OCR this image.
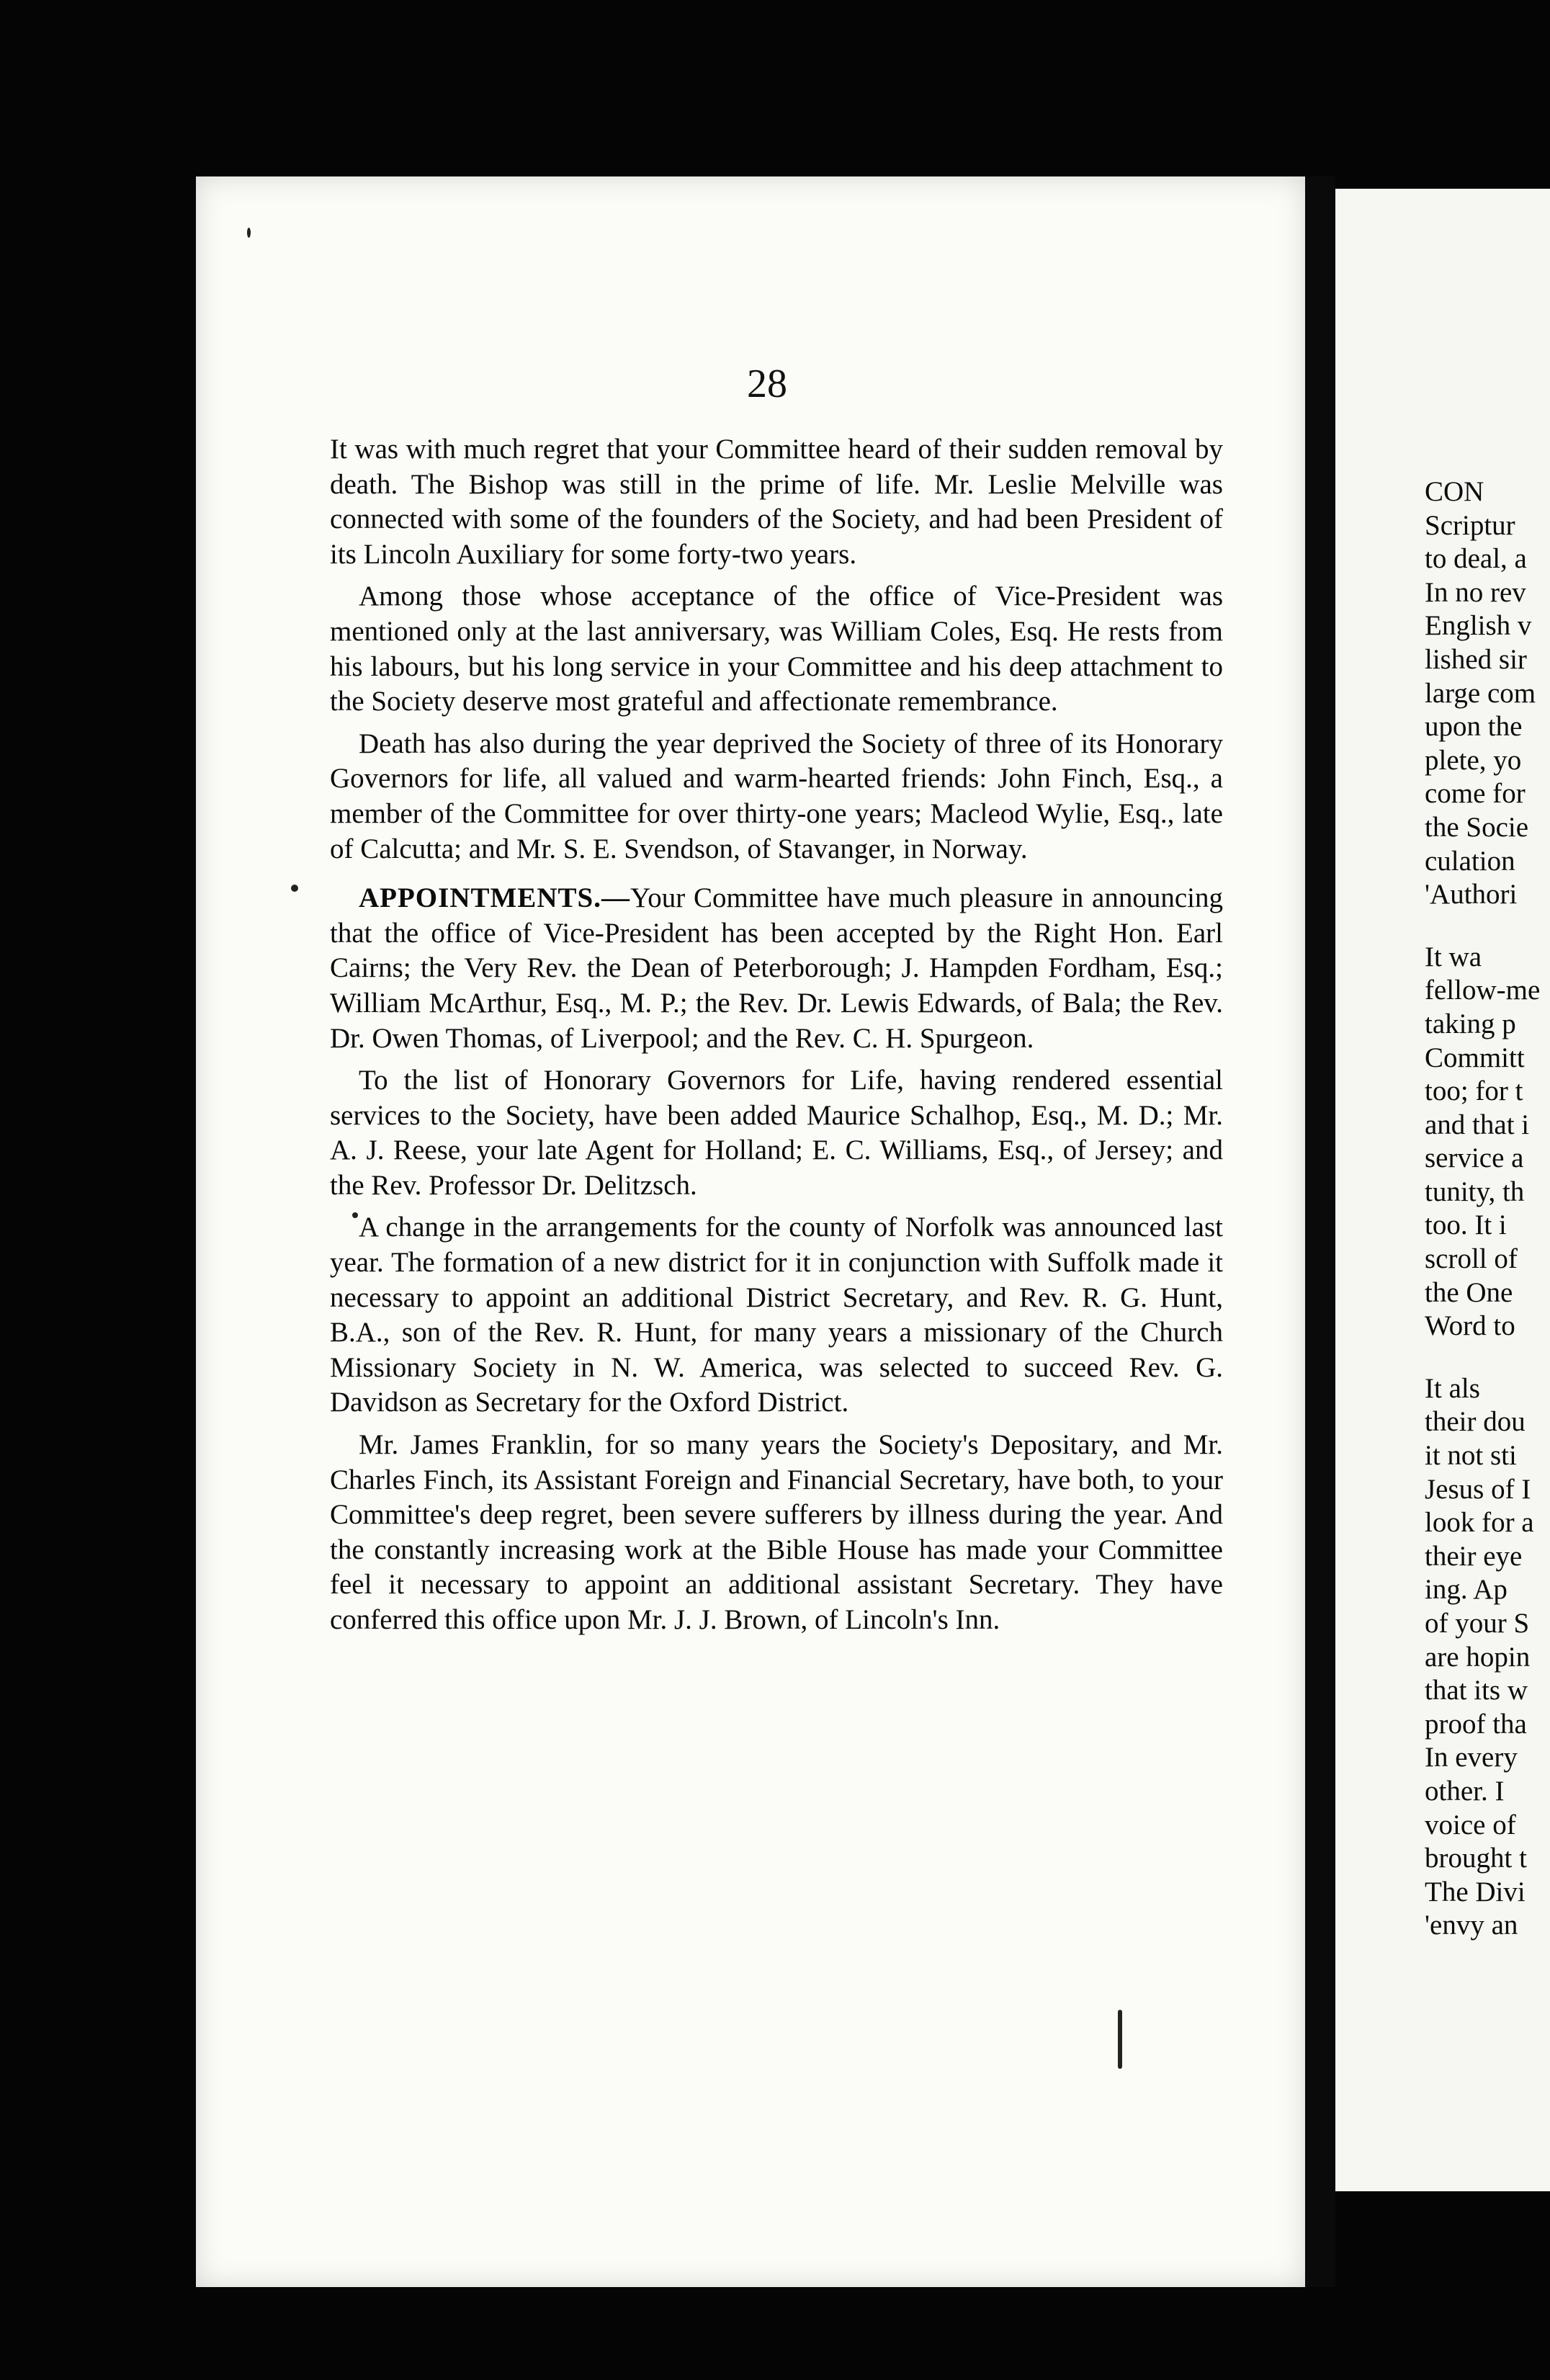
28

It was with much regret that your Committee heard of their sudden removal by death. The Bishop was still in the prime of life. Mr. Leslie Melville was connected with some of the founders of the Society, and had been President of its Lincoln Auxiliary for some forty-two years.

Among those whose acceptance of the office of Vice-President was mentioned only at the last anniversary, was William Coles, Esq. He rests from his labours, but his long service in your Committee and his deep attachment to the Society deserve most grateful and affectionate remembrance.

Death has also during the year deprived the Society of three of its Honorary Governors for life, all valued and warm-hearted friends: John Finch, Esq., a member of the Committee for over thirty-one years; Macleod Wylie, Esq., late of Calcutta; and Mr. S. E. Svendson, of Stavanger, in Norway.

APPOINTMENTS.—Your Committee have much pleasure in announcing that the office of Vice-President has been accepted by the Right Hon. Earl Cairns; the Very Rev. the Dean of Peterborough; J. Hampden Fordham, Esq.; William McArthur, Esq., M. P.; the Rev. Dr. Lewis Edwards, of Bala; the Rev. Dr. Owen Thomas, of Liverpool; and the Rev. C. H. Spurgeon.

To the list of Honorary Governors for Life, having rendered essential services to the Society, have been added Maurice Schalhop, Esq., M. D.; Mr. A. J. Reese, your late Agent for Holland; E. C. Williams, Esq., of Jersey; and the Rev. Professor Dr. Delitzsch.

A change in the arrangements for the county of Norfolk was announced last year. The formation of a new district for it in conjunction with Suffolk made it necessary to appoint an additional District Secretary, and Rev. R. G. Hunt, B.A., son of the Rev. R. Hunt, for many years a missionary of the Church Missionary Society in N. W. America, was selected to succeed Rev. G. Davidson as Secretary for the Oxford District.

Mr. James Franklin, for so many years the Society's Depositary, and Mr. Charles Finch, its Assistant Foreign and Financial Secretary, have both, to your Committee's deep regret, been severe sufferers by illness during the year. And the constantly increasing work at the Bible House has made your Committee feel it necessary to appoint an additional assistant Secretary. They have conferred this office upon Mr. J. J. Brown, of Lincoln's Inn.

CON
Scriptur
to deal, a
In no rev
English v
lished sir
large com
upon the
plete, yo
come for
the Socie
culation
'Authori
It wa
fellow-me
taking p
Committ
too; for t
and that i
service a
tunity, th
too. It i
scroll of
the One
Word to
It als
their dou
it not sti
Jesus of I
look for a
their eye
ing. Ap
of your S
are hopin
that its w
proof tha
In every
other. I
voice of
brought t
The Divi
'envy an
